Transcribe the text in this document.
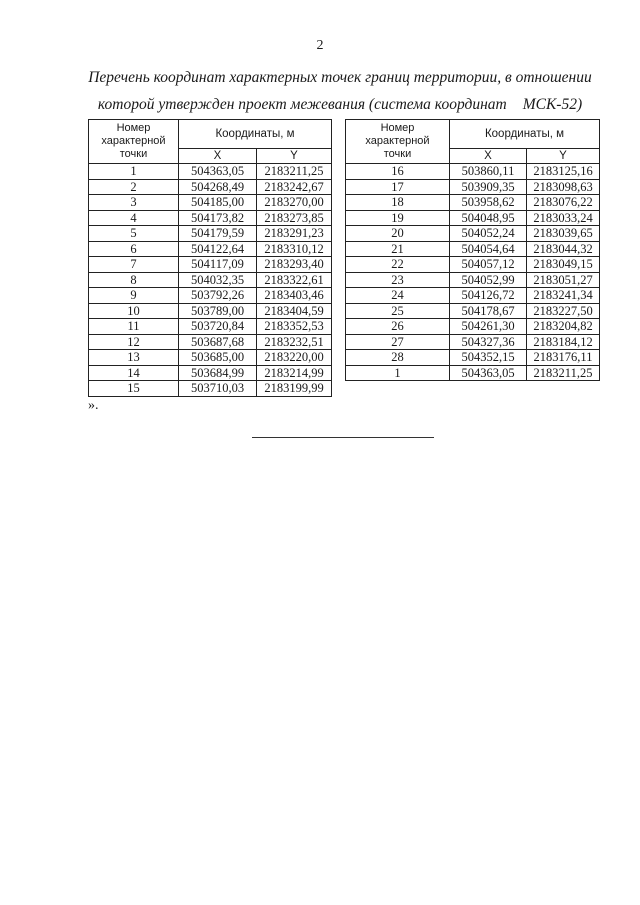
2
Перечень координат характерных точек границ территории, в отношении
которой утвержден проект межевания (система координат МСК-52)
Номер
характерной
точки	Координаты, м	
	X	Y
1	504363,05	2183211,25
2	504268,49	2183242,67
3	504185,00	2183270,00
4	504173,82	2183273,85
5	504179,59	2183291,23
6	504122,64	2183310,12
7	504117,09	2183293,40
8	504032,35	2183322,61
9	503792,26	2183403,46
10	503789,00	2183404,59
11	503720,84	2183352,53
12	503687,68	2183232,51
13	503685,00	2183220,00
14	503684,99	2183214,99
15	503710,03	2183199,99
Номер
характерной
точки	Координаты, м	
	X	Y
16	503860,11	2183125,16
17	503909,35	2183098,63
18	503958,62	2183076,22
19	504048,95	2183033,24
20	504052,24	2183039,65
21	504054,64	2183044,32
22	504057,12	2183049,15
23	504052,99	2183051,27
24	504126,72	2183241,34
25	504178,67	2183227,50
26	504261,30	2183204,82
27	504327,36	2183184,12
28	504352,15	2183176,11
1	504363,05	2183211,25
».
